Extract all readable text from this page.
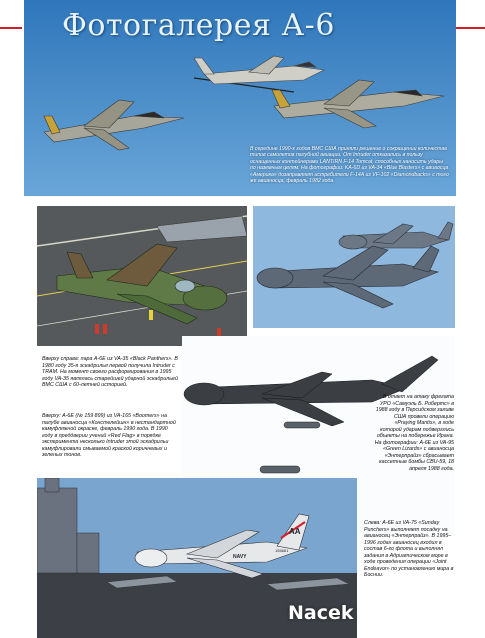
Фотогалерея А-6
В середине 1990-х годов ВМС США приняли решение о сокращении количества типов самолетов палубной авиации. От Intruder отказались в пользу оснащенных контейнерами LANTIRN F-14 Tomcat, способных наносить удары по наземным целям. На фотографии: KA-6D из VA-34 «Blue Blasters» с авиаосца «Америка» дозаправляет истребители F-14A из VF-102 «Diamondbacks» с того же авианосца, февраль 1982 года.
AA
NAVY
155661
Вверху справа: пара А-6Е из VA-35 «Black Panthers». В 1980 году 35-я эскадрилья первой получила Intruder с TRAM. На момент своего расформирования в 1995 году VA-35 являлась старейшей ударной эскадрильей ВМС США с 60-летней историей.
Вверху: А-6Е (№ 159 899) из VA-165 «Boomers» на палубе авианосца «Констелейшн» в нестандартной камуфляжной окраске, февраль 1990 года. В 1990 году в преддверии учений «Red Flag» в порядке эксперимента несколько Intruder этой эскадрильи камуфлировали смываемой краской коричневых и зеленых тонов.
В ответ на атаку фрегата УРО «Самуэль Б. Робертс» в 1988 году в Персидском заливе США провели операцию «Praying Mantis», в ходе которой ударам подверглись объекты на побережье Ирана. На фотографии: А-6Е из VA-95 «Green Lizards» с авианосца «Энтерпрайз» сбрасывает кассетные бомбы CBU-59, 18 апреля 1988 года.
Слева: А-6Е из VA-75 «Sunday Punchers» выполняет посадку на авианосец «Энтерпрайз». В 1995–1996 годах авианосец входил в состав 6-го флота и выполнял задания в Адриатическом море в ходе проведения операции «Joint Endeavor» по установлению мира в Боснии.
Nacek
